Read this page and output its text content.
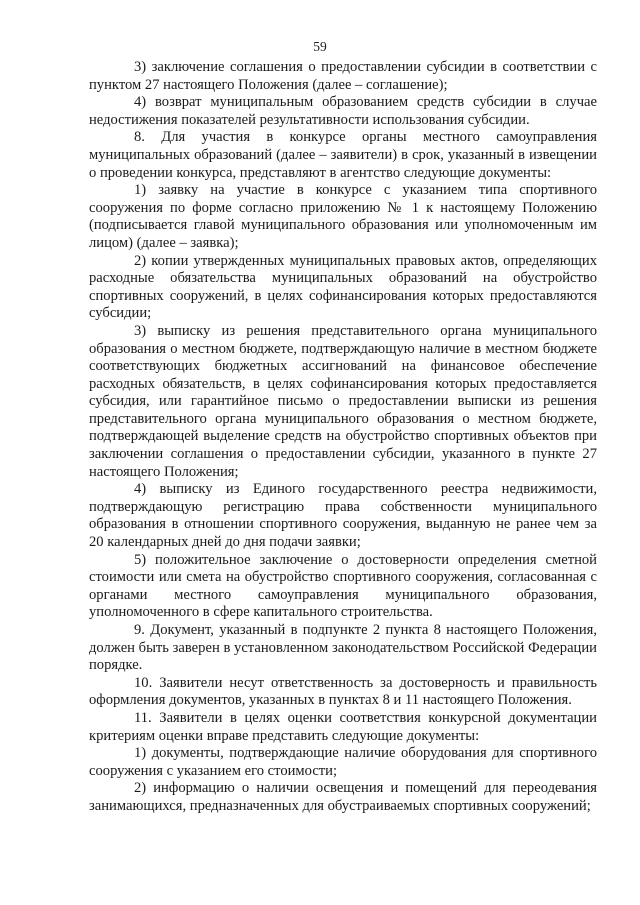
59

3) заключение соглашения о предоставлении субсидии в соответствии с пунктом 27 настоящего Положения (далее – соглашение);

4) возврат муниципальным образованием средств субсидии в случае недостижения показателей результативности использования субсидии.

8. Для участия в конкурсе органы местного самоуправления муниципальных образований (далее – заявители) в срок, указанный в извещении о проведении конкурса, представляют в агентство следующие документы:

1) заявку на участие в конкурсе с указанием типа спортивного сооружения по форме согласно приложению № 1 к настоящему Положению (подписывается главой муниципального образования или уполномоченным им лицом) (далее – заявка);

2) копии утвержденных муниципальных правовых актов, определяющих расходные обязательства муниципальных образований на обустройство спортивных сооружений, в целях софинансирования которых предоставляются субсидии;

3) выписку из решения представительного органа муниципального образования о местном бюджете, подтверждающую наличие в местном бюджете соответствующих бюджетных ассигнований на финансовое обеспечение расходных обязательств, в целях софинансирования которых предоставляется субсидия, или гарантийное письмо о предоставлении выписки из решения представительного органа муниципального образования о местном бюджете, подтверждающей выделение средств на обустройство спортивных объектов при заключении соглашения о предоставлении субсидии, указанного в пункте 27 настоящего Положения;

4) выписку из Единого государственного реестра недвижимости, подтверждающую регистрацию права собственности муниципального образования в отношении спортивного сооружения, выданную не ранее чем за 20 календарных дней до дня подачи заявки;

5) положительное заключение о достоверности определения сметной стоимости или смета на обустройство спортивного сооружения, согласованная с органами местного самоуправления муниципального образования, уполномоченного в сфере капитального строительства.

9. Документ, указанный в подпункте 2 пункта 8 настоящего Положения, должен быть заверен в установленном законодательством Российской Федерации порядке.

10. Заявители несут ответственность за достоверность и правильность оформления документов, указанных в пунктах 8 и 11 настоящего Положения.

11. Заявители в целях оценки соответствия конкурсной документации критериям оценки вправе представить следующие документы:

1) документы, подтверждающие наличие оборудования для спортивного сооружения с указанием его стоимости;

2) информацию о наличии освещения и помещений для переодевания занимающихся, предназначенных для обустраиваемых спортивных сооружений;
